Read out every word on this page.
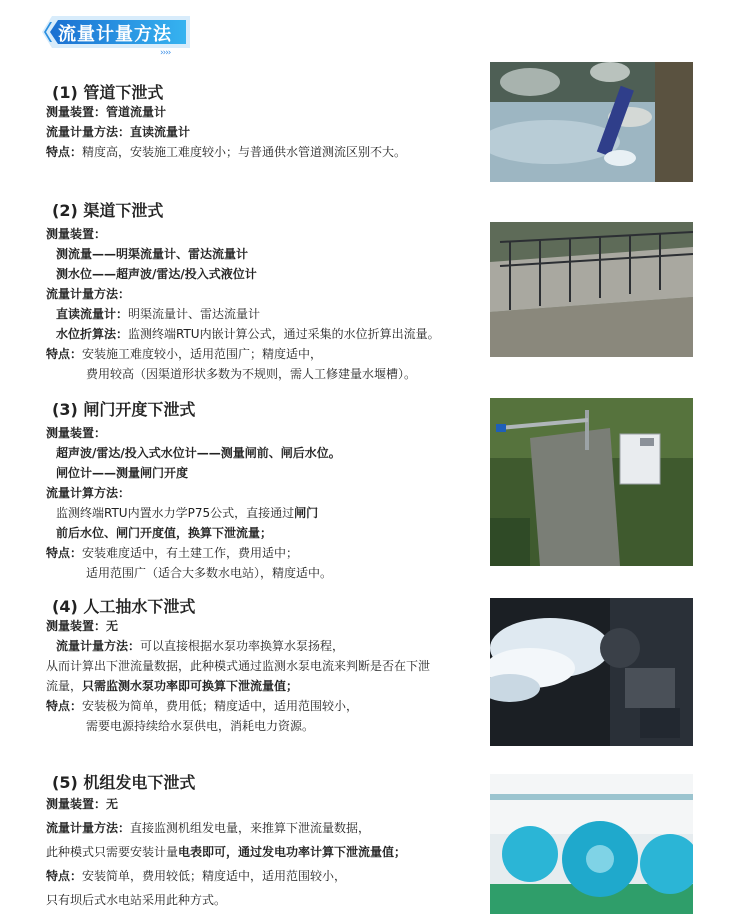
流量计量方法
››››
(1) 管道下泄式
测量装置：管道流量计
流量计量方法：直读流量计
特点：精度高，安装施工难度较小；与普通供水管道测流区别不大。
(2) 渠道下泄式
测量装置：
测流量——明渠流量计、雷达流量计
测水位——超声波/雷达/投入式液位计
流量计量方法：
直读流量计：明渠流量计、雷达流量计
水位折算法：监测终端RTU内嵌计算公式，通过采集的水位折算出流量。
特点：安装施工难度较小，适用范围广；精度适中，
费用较高（因渠道形状多数为不规则，需人工修建量水堰槽）。
(3) 闸门开度下泄式
测量装置：
超声波/雷达/投入式水位计——测量闸前、闸后水位。
闸位计——测量闸门开度
流量计算方法：
监测终端RTU内置水力学P75公式，直接通过闸门
前后水位、闸门开度值，换算下泄流量；
特点：安装难度适中，有土建工作，费用适中；
适用范围广（适合大多数水电站），精度适中。
(4) 人工抽水下泄式
测量装置：无
流量计量方法：可以直接根据水泵功率换算水泵扬程，
从而计算出下泄流量数据，此种模式通过监测水泵电流来判断是否在下泄
流量，只需监测水泵功率即可换算下泄流量值；
特点：安装极为简单，费用低；精度适中，适用范围较小，
需要电源持续给水泵供电，消耗电力资源。
(5) 机组发电下泄式
测量装置：无
流量计量方法：直接监测机组发电量，来推算下泄流量数据，
此种模式只需要安装计量电表即可，通过发电功率计算下泄流量值；
特点：安装简单，费用较低；精度适中，适用范围较小，
只有坝后式水电站采用此种方式。
